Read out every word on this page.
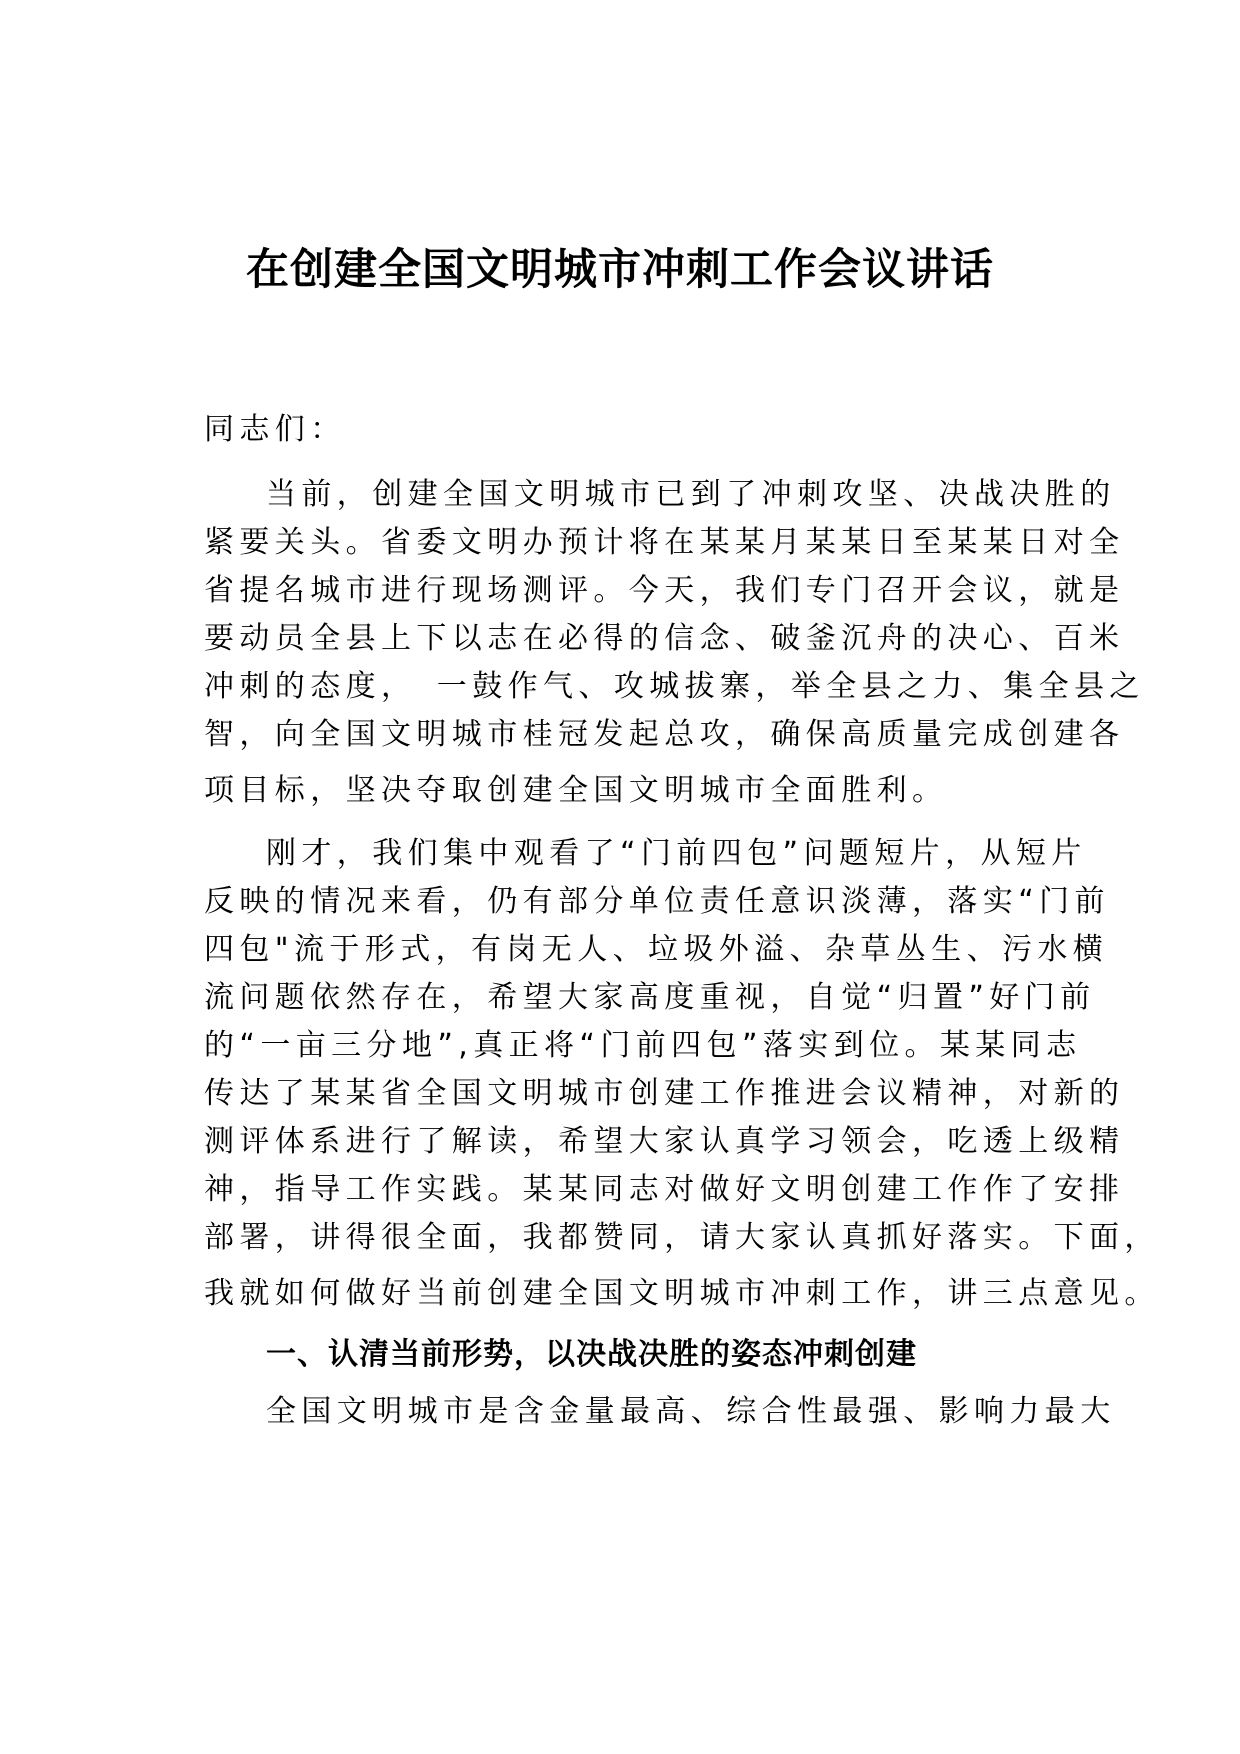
在创建全国文明城市冲刺工作会议讲话
同志们：
当前，创建全国文明城市已到了冲刺攻坚、决战决胜的
紧要关头。省委文明办预计将在某某月某某日至某某日对全
省提名城市进行现场测评。今天，我们专门召开会议，就是
要动员全县上下以志在必得的信念、破釜沉舟的决心、百米
冲刺的态度，　一鼓作气、攻城拔寨，举全县之力、集全县之
智，向全国文明城市桂冠发起总攻，确保高质量完成创建各
项目标，坚决夺取创建全国文明城市全面胜利。
刚才，我们集中观看了“门前四包”问题短片，从短片
反映的情况来看，仍有部分单位责任意识淡薄，落实“门前
四包"流于形式，有岗无人、垃圾外溢、杂草丛生、污水横
流问题依然存在，希望大家高度重视，自觉“归置”好门前
的“一亩三分地”,真正将“门前四包”落实到位。某某同志
传达了某某省全国文明城市创建工作推进会议精神，对新的
测评体系进行了解读，希望大家认真学习领会，吃透上级精
神，指导工作实践。某某同志对做好文明创建工作作了安排
部署，讲得很全面，我都赞同，请大家认真抓好落实。下面，
我就如何做好当前创建全国文明城市冲刺工作，讲三点意见。
一、认清当前形势，以决战决胜的姿态冲刺创建
全国文明城市是含金量最高、综合性最强、影响力最大
